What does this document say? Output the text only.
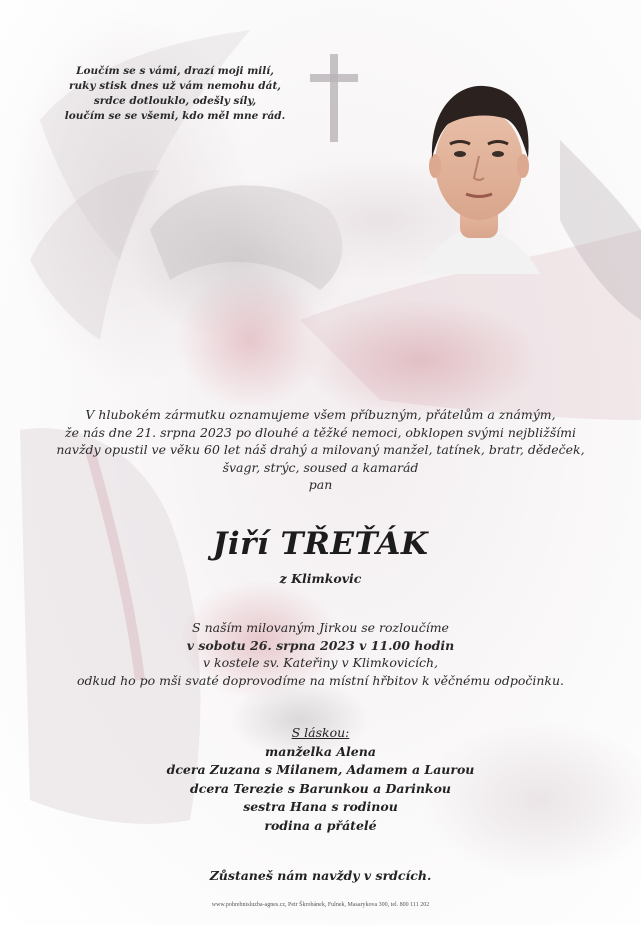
Loučím se s vámi, drazí moji milí,
ruky stisk dnes už vám nemohu dát,
srdce dotlouklo, odešly síly,
loučím se se všemi, kdo měl mne rád.
V hlubokém zármutku oznamujeme všem příbuzným, přátelům a známým,
že nás dne 21. srpna 2023 po dlouhé a těžké nemoci, obklopen svými nejbližšími
navždy opustil ve věku 60 let náš drahý a milovaný manžel, tatínek, bratr, dědeček,
švagr, strýc, soused a kamarád
pan
Jiří TŘEŤÁK
z Klimkovic
S naším milovaným Jirkou se rozloučíme
v sobotu 26. srpna 2023 v 11.00 hodin
v kostele sv. Kateřiny v Klimkovicích,
odkud ho po mši svaté doprovodíme na místní hřbitov k věčnému odpočinku.
S láskou:
manželka Alena
dcera Zuzana s Milanem, Adamem a Laurou
dcera Terezie s Barunkou a Darinkou
sestra Hana s rodinou
rodina a přátelé
Zůstaneš nám navždy v srdcích.
www.pohrebnisluzba-agnes.cz, Petr Škrobánek, Fulnek, Masarykova 300, tel. 800 111 202
